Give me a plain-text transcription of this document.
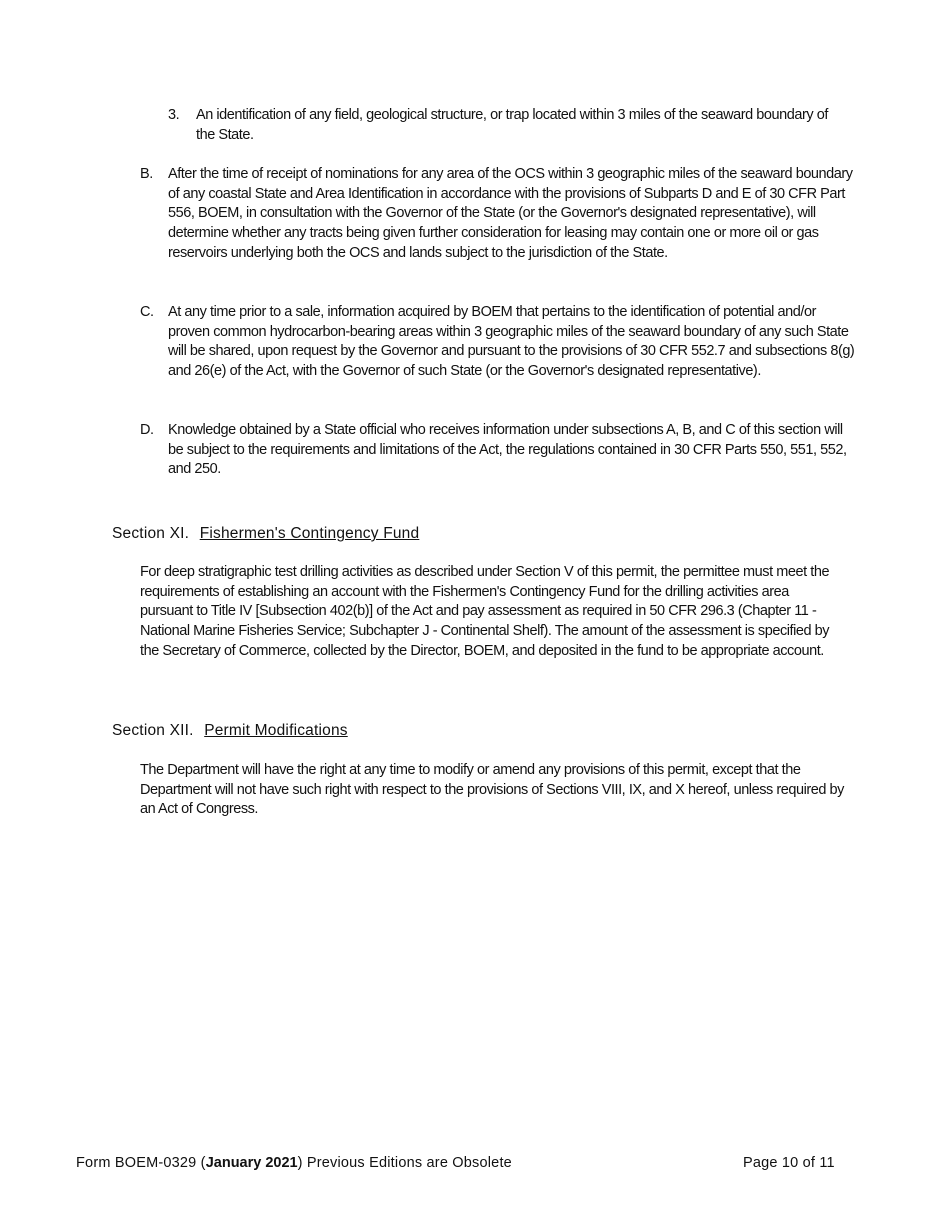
3. An identification of any field, geological structure, or trap located within 3 miles of the seaward boundary of the State.
B. After the time of receipt of nominations for any area of the OCS within 3 geographic miles of the seaward boundary of any coastal State and Area Identification in accordance with the provisions of Subparts D and E of 30 CFR Part 556, BOEM, in consultation with the Governor of the State (or the Governor's designated representative), will determine whether any tracts being given further consideration for leasing may contain one or more oil or gas reservoirs underlying both the OCS and lands subject to the jurisdiction of the State.
C. At any time prior to a sale, information acquired by BOEM that pertains to the identification of potential and/or proven common hydrocarbon-bearing areas within 3 geographic miles of the seaward boundary of any such State will be shared, upon request by the Governor and pursuant to the provisions of 30 CFR 552.7 and subsections 8(g) and 26(e) of the Act, with the Governor of such State (or the Governor's designated representative).
D. Knowledge obtained by a State official who receives information under subsections A, B, and C of this section will be subject to the requirements and limitations of the Act, the regulations contained in 30 CFR Parts 550, 551, 552, and 250.
Section XI. Fishermen's Contingency Fund
For deep stratigraphic test drilling activities as described under Section V of this permit, the permittee must meet the requirements of establishing an account with the Fishermen's Contingency Fund for the drilling activities area pursuant to Title IV [Subsection 402(b)] of the Act and pay assessment as required in 50 CFR 296.3 (Chapter 11 - National Marine Fisheries Service; Subchapter J - Continental Shelf). The amount of the assessment is specified by the Secretary of Commerce, collected by the Director, BOEM, and deposited in the fund to be appropriate account.
Section XII. Permit Modifications
The Department will have the right at any time to modify or amend any provisions of this permit, except that the Department will not have such right with respect to the provisions of Sections VIII, IX, and X hereof, unless required by an Act of Congress.
Form BOEM-0329 (January 2021) Previous Editions are Obsolete	Page 10 of 11
